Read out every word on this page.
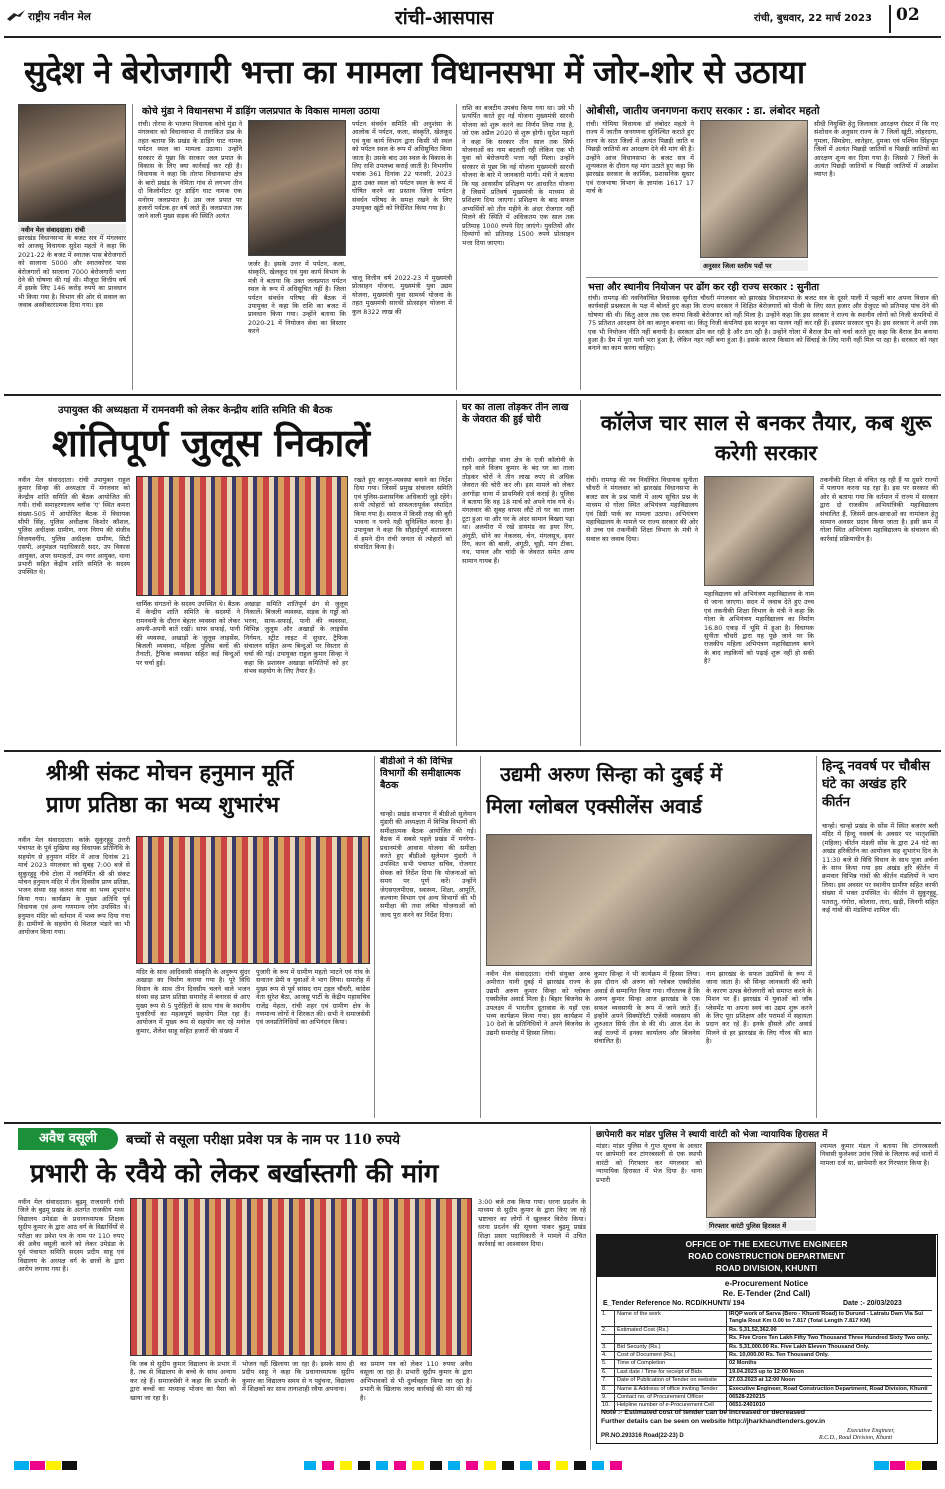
राष्ट्रीय नवीन मेल	रांची-आसपास	रांची, बुधवार, 22 मार्च 2023 02
सुदेश ने बेरोजगारी भत्ता का मामला विधानसभा में जोर-शोर से उठाया
नवीन मेल संवाददाता। रांची
झारखंड विधानसभा के बजट सत्र में मंगलवार को आजसू विधायक सुदेश महतो ने कहा कि 2021-22 के बजट में स्नातक पास बेरोजगारों को सालाना 5000 और स्नातकोत्तर पास बेरोजगारों को सालाना 7000 बेरोजगारी भत्ता देने की घोषणा की गई थी। मौजूदा वित्तीय वर्ष में इसके लिए 146 करोड़ रुपये का प्रावधान भी किया गया है। विभाग की ओर से सवाल का जवाब अस्वीकारात्मक दिया गया। इस
कोचे मुंडा ने विधानसभा में डाड़िंग जलप्रपात के विकास मामला उठाया
रांची। तोरपा के भाजपा विधायक कोचे मुंडा ने मंगलवार को विधानसभा में तारांकित प्रश्न के तहत बताया कि प्रखंड के डाड़िंग घाट नामक पर्यटन स्थल का मामला उठाया। उन्होंने सरकार से पूछा कि सरकार जल प्रपात के विकास के लिए क्या कार्रवाई कर रही है। विधायक ने कहा कि तोरपा विधानसभा क्षेत्र के बारो प्रखंड के नेमिता गांव से लगभग तीन दो किलोमीटर दूर डाड़िंग घाट नामक एक मनोरम जलप्रपात है। उस जल प्रपात पर हजारों पर्यटक हर वर्ष जाते हैं। जलप्रपात तक जाने वाली मुख्य सड़क की स्थिति अत्यंत
जर्जर है। इसके उत्तर में पर्यटन, कला, संस्कृति, खेलकूद एवं युवा कार्य विभाग के मंत्री ने बताया कि उक्त जलप्रपात पर्यटन स्थल के रूप में अधिसूचित नहीं है। जिला पर्यटन संवर्धन परिषद की बैठक में उपायुक्त ने कहा कि राशि का बजट में प्रावधान किया गया। उन्होंने बताया कि 2020-21 में नियोजन सेवा का विस्तार करने
पर्यटन संवर्धन समिति की अनुशंसा के आलोक में पर्यटन, कला, संस्कृति, खेलकूद एवं युवा कार्य विभाग द्वारा किसी भी स्थल को पर्यटन स्थल के रूप में अधिसूचित किया जाता है। उसके बाद उस स्थल के विकास के लिए राशि उपलब्ध कराई जाती है। विभागीय पत्रांक 361 दिनांक 22 फरवरी, 2023 द्वारा उक्त स्थल को पर्यटन स्थल के रूप में घोषित करने का प्रस्ताव जिला पर्यटन संवर्धन परिषद के समक्ष रखने के लिए उपायुक्त खूंटी को निर्देशित किया गया है।
चालू वित्तीय वर्ष 2022-23 में मुख्यमंत्री प्रोत्साहन योजना, मुख्यमंत्री युवा उद्यम योजना, मुख्यमंत्री युवा सामर्थ्य योजना के तहत मुख्यमंत्री सारथी प्रोत्साहन योजना में कुल 8322 लाख की
राशि का बजटीय उपबंध किया गया था। उसे भी प्रत्यर्पित करते हुए नई योजना मुख्यमंत्री सारथी योजना को शुरू करने का निर्णय लिया गया है, जो एक अप्रैल 2020 से शुरू होगी। सुदेश महतो ने कहा कि सरकार तीन साल तक सिर्फ योजनाओं का नाम बदलती रही लेकिन एक भी युवा को बेरोजगारी भत्ता नहीं मिला। उन्होंने सरकार से पूछा कि नई योजना मुख्यमंत्री सारथी योजना के बारे में जानकारी मांगी। मंत्री ने बताया कि यह आवासीय प्रशिक्षण पर आधारित योजना है जिसमें प्रतिवर्ष मुख्यमंत्री के माध्यम से प्रशिक्षण दिया जाएगा। प्रशिक्षण के बाद सफल अभ्यर्थियों को तीन महीने के अंदर रोजगार नहीं मिलने की स्थिति में अधिकतम एक साल तक प्रतिमाह 1000 रुपये दिए जाएंगे। युवतियों और दिव्यांगों को प्रतिमाह 1500 रुपये प्रोत्साहन भत्ता दिया जाएगा।
ओबीसी, जातीय जनगणना कराए सरकार : डा. लंबोदर महतो
रांची। गोमिया विधायक डॉ लंबोदर महतो ने राज्य में जातीय जनगणना सुनिश्चित कराते हुए राज्य के सात जिलों में अत्यंत पिछड़ी जाति व पिछड़ी जातियों का आरक्षण देने की मांग की है। उन्होंने आज विधानसभा के बजट सत्र में शून्यकाल के दौरान यह मांग उठाते हुए कहा कि झारखंड सरकार के कार्मिक, प्रशासनिक सुधार एवं राजभाषा विभाग के ज्ञापांक 1617 17 मार्च के
अनुसार जिला स्तरीय पदों पर
सीधी नियुक्ति हेतु जिलावार आरक्षण रोस्टर में कि गए संशोधन के अनुसार राज्य के 7 जिलों खूंटी, लोहरदगा, गुमला, सिमडेगा, लातेहार, दुमका एवं पश्चिम सिंहभूम जिलों में अत्यंत पिछड़ी जातियों व पिछड़ी जातियों का आरक्षण शून्य कर दिया गया है। जिससे 7 जिलों के अत्यंत पिछड़ी जातियों व पिछड़ी जातियों में आक्रोश व्याप्त है।
भत्ता और स्थानीय नियोजन पर ढोंग कर रही राज्य सरकार : सुनीता
रांची। रामगढ़ की नवनिर्वाचित विधायक सुनीता चौधरी मंगलवार को झारखंड विधानसभा के बजट सत्र के दूसरे पाली में पहली बार अपना विधान की कार्यवाही प्रश्नकाल के पक्ष में बोलते हुए कहा कि राज्य सरकार ने शिक्षित बेरोजगारों को पीजी के लिए सात हजार और ग्रेजुएट को प्रतिमाह पांच देने की घोषणा की थी। किंतु आज तक एक रुपया किसी बेरोजगार को नहीं मिला है। उन्होंने कहा कि इस सरकार ने राज्य के स्थानीय लोगों को निजी कंपनियों में 75 प्रतिशत आरक्षण देने का कानून बनाया था। किंतु निजी कंपनियां इस कानून का पालन नहीं कर रही हैं। इसपर सरकार चुप है। इस सरकार ने अभी तक एक भी नियोजन नीति नहीं बनायी है। सरकार ढोंग कर रही है और ठग रही है। उन्होंने गोला में बैराज डैम को चर्चा करते हुए कहा कि बैराज डैम बनाया हुआ है। डैम में पूरा पानी भरा हुआ है, लेकिन नहर नहीं बना हुआ है। इसके कारण किसान को सिंचाई के लिए पानी नहीं मिल पा रहा है। सरकार को नहर बनाने का काम करना चाहिए।
उपायुक्त की अध्यक्षता में रामनवमी को लेकर केन्द्रीय शांति समिति की बैठक
शांतिपूर्ण जुलूस निकालें
नवीन मेल संवाददाता। रांची उपायुक्त राहुल कुमार सिन्हा की अध्यक्षता में मंगलवार को केन्द्रीय शांति समिति की बैठक आयोजित की गयी। रांची समाहरणालय ब्लॉक 'ए' स्थित कमरा संख्या-505 में आयोजित बैठक में विधायक सीपी सिंह, पुलिस अधीक्षक किशोर कौशल, पुलिस अधीक्षक ग्रामीण, नगर निगम की संजीव विजयवर्गीय, पुलिस अधीक्षक ग्रामीण, सिटी एसपी, अनुमंडल पदाधिकारी सदर, उप विकास आयुक्त, अपर समाहर्ता, उप नगर आयुक्त, थाना प्रभारी सहित केंद्रीय शांति समिति के सदस्य उपस्थित थे।
धार्मिक संगठनों के सदस्य उपस्थित थे। बैठक में केन्द्रीय शांति समिति के सदस्यों ने रामनवमी के दौरान बेहतर व्यवस्था को लेकर अपनी-अपनी बातें रखीं। साफ सफाई, पानी की व्यवस्था, अखाड़ों के जुलूस लाइसेंस, बिजली व्यवस्था, महिला पुलिस बलों की तैनाती, ट्रैफिक व्यवस्था सहित कई बिन्दुओं पर चर्चा हुई।
अखाड़ा समिति शांतिपूर्ण ढंग से जुलूस निकालें। बिजली व्यवस्था, सड़क के गड्ढों को भरना, साफ-सफाई, पानी की व्यवस्था, विभिन्न जुलूस और अखाड़ों के लाइसेंस निर्गमन, स्ट्रीट लाइट में सुधार, ट्रैफिक संचालन सहित अन्य बिन्दुओं पर विस्तार से चर्चा की गई। उपायुक्त राहुल कुमार सिन्हा ने कहा कि प्रशासन अखाड़ा समितियों को हर संभव सहयोग के लिए तैयार है।
रखते हुए कानून-व्यवस्था बनाने का निर्देश दिया गया। जिसमें प्रमुख संचालन समिति एवं पुलिस-प्रशासनिक अधिकारी जुड़े रहेंगे। सभी त्योहारों को सफलतापूर्वक संपादित किया गया है। समाज में किसी तरह की बुरी भावना न पनपे यही सुनिश्चित करना है। उपायुक्त ने कहा कि सौहार्दपूर्ण वातावरण में हमने दीन रांची जनता से त्योहारों को संपादित किया है।
घर का ताला तोड़कर तीन लाख के जेवरात की हुई चोरी
रांची। अरगोड़ा थाना क्षेत्र के एजी कॉलोनी के रहने वाले विजय कुमार के बंद घर का ताला तोड़कर चोरों ने तीन लाख रुपए से अधिक जेवरात की चोरी कर ली। इस मामले को लेकर अरगोड़ा थाना में प्राथमिकी दर्ज कराई है। पुलिस ने बताया कि वह 18 मार्च को अपने गांव गये थे। मंगलवार की सुबह वापस लौटे तो घर का ताला टूटा हुआ था और घर के अंदर सामान बिखरा पड़ा था। अलमीरा में रखे डायमंड का इयर रिंग, अंगूठी, सोने का नेकलस, चेन, मंगलसूत्र, इयर रिंग, कान की बाली, अंगूठी, चूड़ी, मांग टीका, नथ, पायल और चांदी के जेवरात समेत अन्य सामान गायब हैं।
कॉलेज चार साल से बनकर तैयार, कब शुरू करेगी सरकार
रांची। रामगढ़ की नव निर्वाचित विधायक सुनीता चौधरी ने मंगलवार को झारखंड विधानसभा के बजट सत्र के प्रश्न पाली में अल्प सूचित प्रश्न के माध्यम से गोला स्थित अभियंत्रण महाविद्यालय एवं डिग्री पार्क का मामला उठाया। अभियंत्रण महाविद्यालय के मामले पर राज्य सरकार की ओर से उच्च एवं तकनीकी शिक्षा विभाग के मंत्री ने सवाल का जवाब दिया।
महाविद्यालय को अभियंत्रण महाविद्यालय के नाम से जाना जाएगा। सदन में जवाब देते हुए उच्च एवं तकनीकी शिक्षा विभाग के मंत्री ने कहा कि गोला के अभियंत्रण महाविद्यालय का निर्माण 16.80 एकड़ में भूमि में हुआ है। विधायक सुनीता चौधरी द्वारा यह पूछे जाने पर कि राजकीय महिला अभियंत्रण महाविद्यालय बनने के बाद लड़कियों को पढ़ाई शुरू नहीं हो सकी है?
तकनीकी शिक्षा से वंचित रह रही हैं या दूसरे राज्यों में पलायन करना पड़ रहा है। इस पर सरकार की ओर से बताया गया कि वर्तमान में राज्य में सरकार द्वारा दो राजकीय अभियांत्रिकी महाविद्यालय संचालित हैं, जिसमें छात्र-छात्राओं का नामांकन हेतु सामान अवसर प्रदान किया जाता है। इसी क्रम में गोला स्थित अभियंत्रण महाविद्यालय के संचालन की कार्रवाई प्रक्रियाधीन है।
श्रीश्री संकट मोचन हनुमान मूर्ति
प्राण प्रतिष्ठा का भव्य शुभारंभ
नवीन मेल संवाददाता। कांके सुकुरहुट्टू उत्तरी पंचायत के पूर्व मुखिया सह विधायक प्रतिनिधि के सहयोग से हनुमान मंदिर में आज दिनांक 21 मार्च 2023 मंगलवार को सुबह 7:00 बजे से सुकुरहुट्टू नीचे टोला में नवनिर्मित श्री श्री संकट मोचन हनुमान मंदिर में तीन दिवसीय प्राण प्रतिष्ठा, भजन संध्या सह कलश यात्रा का भव्य शुभारंभ किया गया। कार्यक्रम के मुख्य अतिथि पूर्व विधायक एवं अन्य गणमान्य लोग उपस्थित थे। हनुमान मंदिर को वर्तमान में भव्य रूप दिया गया है। ग्रामीणों के सहयोग से विशाल भंडारे का भी आयोजन किया गया।
मंदिर के साथ आदिवासी संस्कृति के अनुरूप सुंदर अखाड़ा का निर्माण कराया गया है। पूरे विधि विधान के साथ तीन दिवसीय चलने वाले भजन संध्या सह प्राण प्रतिष्ठा समारोह में बनारस से आए मुख्य रूप से 5 पुरोहितों के साथ गांव के स्थानीय पुजारियों का महत्वपूर्ण सहयोग मिल रहा है। आयोजन में मुख्य रूप से सहयोग कर रहे मनोज कुमार, शैलेश साहू सहित हजारों की संख्या में
पुजारी के रूप में ग्रामीण महतो भाटने एवं गांव के सनातन प्रेमी व युवाओं ने भाग लिया। समारोह में मुख्य रूप से पूर्व सांसद राम टहल चौधरी, कांग्रेस नेता सुरेश बैठा, आजसू पार्टी के केंद्रीय महासचिव राजेंद्र मेहता, रांची शहर एवं ग्रामीण क्षेत्र के गणमान्य लोगों ने शिरकत की। सभी ने समाजसेवी एवं जनप्रतिनिधियों का अभिनंदन किया।
बीडीओ ने की विभिन्न विभागों की समीक्षात्मक बैठक
चान्हो। प्रखंड सभागार में बीडीओ सुलेमान मुंडारी की अध्यक्षता में विभिन्न विभागों की समीक्षात्मक बैठक आयोजित की गई। बैठक में सबसे पहले प्रखंड में मनरेगा-प्रधानमंत्री आवास योजना की समीक्षा करते हुए बीडीओ सुलेमान मुंडारी ने उपस्थित सभी पंचायत सचिव, रोजगार सेवक को निर्देश दिया कि योजनाओं को समय पर पूर्ण करें। उन्होंने जेएसएलपीएस, स्वास्थ्य, शिक्षा, आपूर्ति, कल्याण विभाग एवं अन्य विभागों की भी समीक्षा की तथा लंबित योजनाओं को जल्द पूरा करने का निर्देश दिया।
उद्यमी अरुण सिन्हा को दुबई में
मिला ग्लोबल एक्सीलेंस अवार्ड
नवीन मेल संवाददाता। रांची संयुक्त अरब अमीरात यानी दुबई में झारखंड राज्य के उद्यमी अरुण कुमार सिन्हा को ग्लोबल एक्सीलेंस अवार्ड मिला है। बिहार बिजनेस के उपलक्ष्य में भारतीय दूतावास के यहाँ एक भव्य कार्यक्रम किया गया। इस कार्यक्रम में 10 देशों के प्रतिनिधियों ने अपने बिजनेस के उद्यमी समारोह में हिस्सा लिया।
कुमार सिन्हा ने भी कार्यक्रम में हिस्सा लिया। इस दौरान श्री अरुण को ग्लोबल एक्सीलेंस अवार्ड से सम्मानित किया गया। गौरतलब है कि अरुण कुमार सिन्हा आज झारखंड के एक सफल व्यवसायी के रूप में जाने जाते हैं। इन्होंने अपने सिक्योरिटी एजेंसी व्यवसाय की शुरुआत सिर्फ तीन से की थी। आज देश के कई राज्यों में इनका कार्यालय और बिजनेस संचालित है।
नाम झारखंड के सफल उद्यमियों के रूप में जाना जाता है। श्री सिन्हा जानकारी की कमी के कारण उत्पन्न बेरोजगारी को समाप्त करने के मिशन पर हैं। झारखंड में युवाओं को जॉब प्लेसमेंट या अपना स्वयं का उद्यम शुरू करने के लिए पूरा प्रशिक्षण और परामर्श में सहायता प्रदान कर रहे हैं। इनके हौसले और अवार्ड मिलने से हर झारखंड के लिए गौरव की बात है।
हिन्दू नववर्ष पर चौबीस घंटे का अखंड हरि कीर्तन
चान्हो। चान्हो प्रखंड के सोंस में स्थित बजरंग बली मंदिर में हिन्दू नववर्ष के अवसर पर भातृशक्ति (महिला) कीर्तन मंडली सोंस के द्वारा 24 घंटे का अखंड हरिकीर्तन का आयोजन सह शुभारंभ दिन के 11:30 बजे से विधि विधान के साथ पूजा अर्चना के साथ किया गया इस अखंड हरि कीर्तन में क्रमवार विभिन्न गांवों की कीर्तन मंडलियों ने भाग लिया। इस अवसर पर स्थानीय ग्रामीण सहित काफी संख्या में भक्त उपस्थित थे। कीर्तन में सुकुरहुट्टू, पतरातु, गंगोरा, कोलारा, तारा, खड़ी, जिनगी सहित कई गांवों की मंडलियां शामिल थीं।
अवैध वसूली	बच्चों से वसूला परीक्षा प्रवेश पत्र के नाम पर 110 रुपये
प्रभारी के रवैये को लेकर बर्खास्तगी की मांग
नवीन मेल संवाददाता। बुढ़मू राजधानी रांची जिले के बुढ़मू प्रखंड के अंतर्गत राजकीय मध्य विद्यालय उमेडंडा के प्रधानाध्यापक शिक्षक सुदीप कुमार के द्वारा आठ वर्ग के विद्यार्थियों से परीक्षा का प्रवेश पत्र के नाम पर 110 रुपए की अवैध वसूली करने को लेकर उमेडंडा के पूर्व पंचायत समिति सदस्य प्रदीप साहू एवं विद्यालय के अध्यक्ष वर्ग के छात्रों के द्वारा आरोप लगाया गया है।
कि जब से सुदीप कुमार विद्यालय के प्रभार में है, तब से विद्यालय के बच्चे के साथ अन्याय कर रहे हैं। समाजसेवी ने कहा कि प्रभारी के द्वारा बच्चों का मध्यान्ह भोजन का पैसा को खाया जा रहा है।
भोजन नहीं खिलाया जा रहा है। इसके साथ ही प्रदीप साहू ने कहा कि प्रधानाध्यापक सुदीप कुमार का विद्यालय समय से न पहुंचना, विद्यालय में शिक्षकों का साथ तानाशाही रवैया अपनाना।
का प्रमाण पत्र को लेकर 110 रुपया अवैध वसूला जा रहा है। प्रभारी सुदीप कुमार के द्वारा अभिभावकों से भी दुर्व्यवहार किया जा रहा है। प्रभारी के खिलाफ जल्द कार्रवाई की मांग की गई है।
3:00 बजे तक किया गया। धरना प्रदर्शन के माध्यम से सुदीप कुमार के द्वारा किए जा रहे भ्रष्टाचार का लोगों ने खुलकर विरोध किया। धरना प्रदर्शन की सूचना पाकर बुढ़मू प्रखंड शिक्षा प्रसार पदाधिकारी ने मामले में उचित कार्रवाई का आश्वासन दिया।
छापेमारी कर मांडर पुलिस ने स्थायी वारंटी को भेजा न्यायायिक हिरासत में
मांडर। मांडर पुलिस ने गुप्त सूचना के आधार पर छापेमारी कर टांगरबसली से एक स्थायी वारंटी को गिरफ्तार कर मंगलवार को न्यायायिक हिरासत में भेज दिया है। थाना प्रभारी
गिरफ्तार वारंटी पुलिस हिरासत में
श्यामल कुमार मंडल ने बताया कि टांगरबसली निवासी फुलेश्वर उरांव जिसे के जिलाफ कई थानों में मामला दर्ज था, छापेमारी कर गिरफ्तार किया है।
OFFICE OF THE EXECUTIVE ENGINEER
ROAD CONSTRUCTION DEPARTMENT
ROAD DIVISION, KHUNTI
e-Procurement Notice
Re. E-Tender (2nd Call)
E_Tender Reference No. RCD/KHUNTI/ 194	Date :- 20/03/2023
1.	Name of the work	IRQP work of Sarva (Bero - Khunti Road) to Durund - Latratu Dam Via Sui Tangla Rout Km 0.00 to 7.817 (Total Length 7.817 KM)
2.	Estimated Cost (Rs.)	Rs. 5,31,52,362.00
Rs. Five Crore Ten Lakh Fifty Two Thousand Three Hundred Sixty Two only.
3.	Bid Security (Rs.)	Rs. 5,31,000.00 Rs. Five Lakh Eleven Thousand Only.
4.	Cost of Document (Rs.)	Rs. 10,000.00 Rs. Ten Thousand Only.
5.	Time of Completion	02 Months
6.	Last date / Time for receipt of Bids	19.04.2023 up to 12:00 Noon
7.	Date of Publication of Tender on website	27.03.2023 at 12:00 Noon
8.	Name & Address of office inviting Tender	Executive Engineer, Road Construction Department, Road Division, Khunti
9.	Contact no. of Procurement Officer	06528-220215
10.	Helpline number of e-Procurement Cell	0651-2401010
Note :- Estimated cost of tender can be increased or decreased
Further details can be seen on website http://jharkhandtenders.gov.in
Executive Engineer,
R.C.D., Road Division, Khunti
PR.NO.293316 Road(22-23) D
